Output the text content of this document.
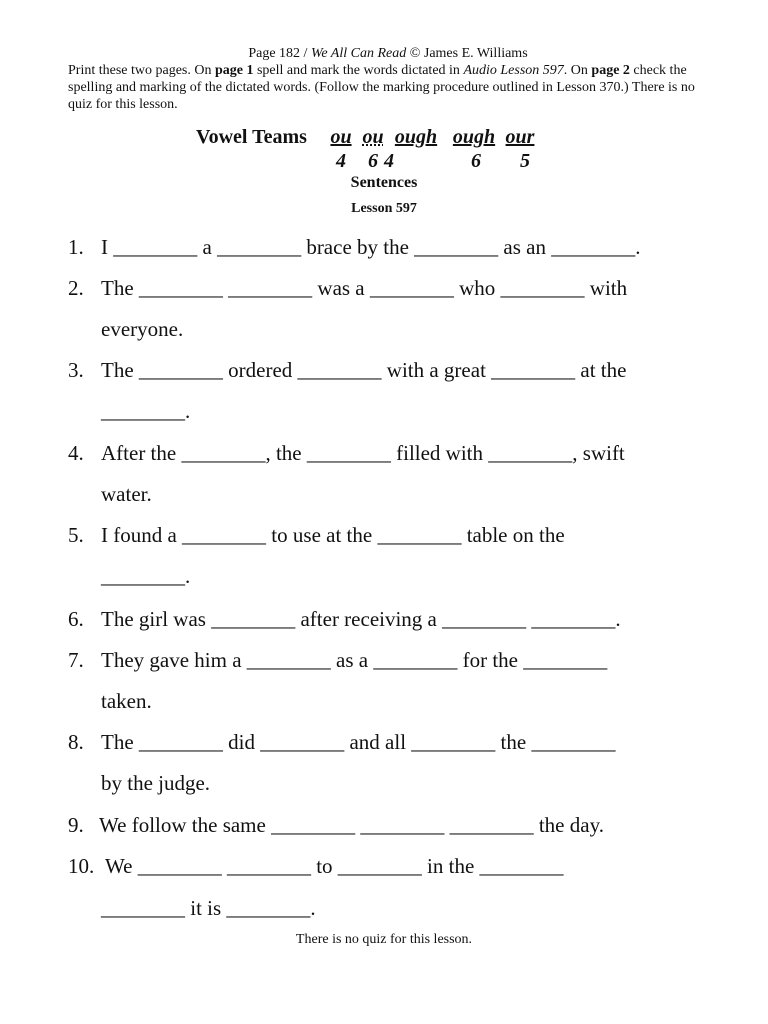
Page 182 / We All Can Read © James E. Williams
Print these two pages. On page 1 spell and mark the words dictated in Audio Lesson 597. On page 2 check the spelling and marking of the dictated words. (Follow the marking procedure outlined in Lesson 370.) There is no quiz for this lesson.
Vowel Teams ou
4
ou
6
ough
4
ough
6
our
5
Sentences
Lesson 597
1. I ________ a ________ brace by the ________ as an ________.
2. The ________ ________ was a ________ who ________ with
everyone.
3. The ________ ordered ________ with a great ________ at the
________.
4. After the ________, the ________ filled with ________, swift
water.
5. I found a ________ to use at the ________ table on the
________.
6. The girl was ________ after receiving a ________ ________.
7. They gave him a ________ as a ________ for the ________
taken.
8. The ________ did ________ and all ________ the ________
by the judge.
9. We follow the same ________ ________ ________ the day.
10. We ________ ________ to ________ in the ________
________ it is ________.
There is no quiz for this lesson.
